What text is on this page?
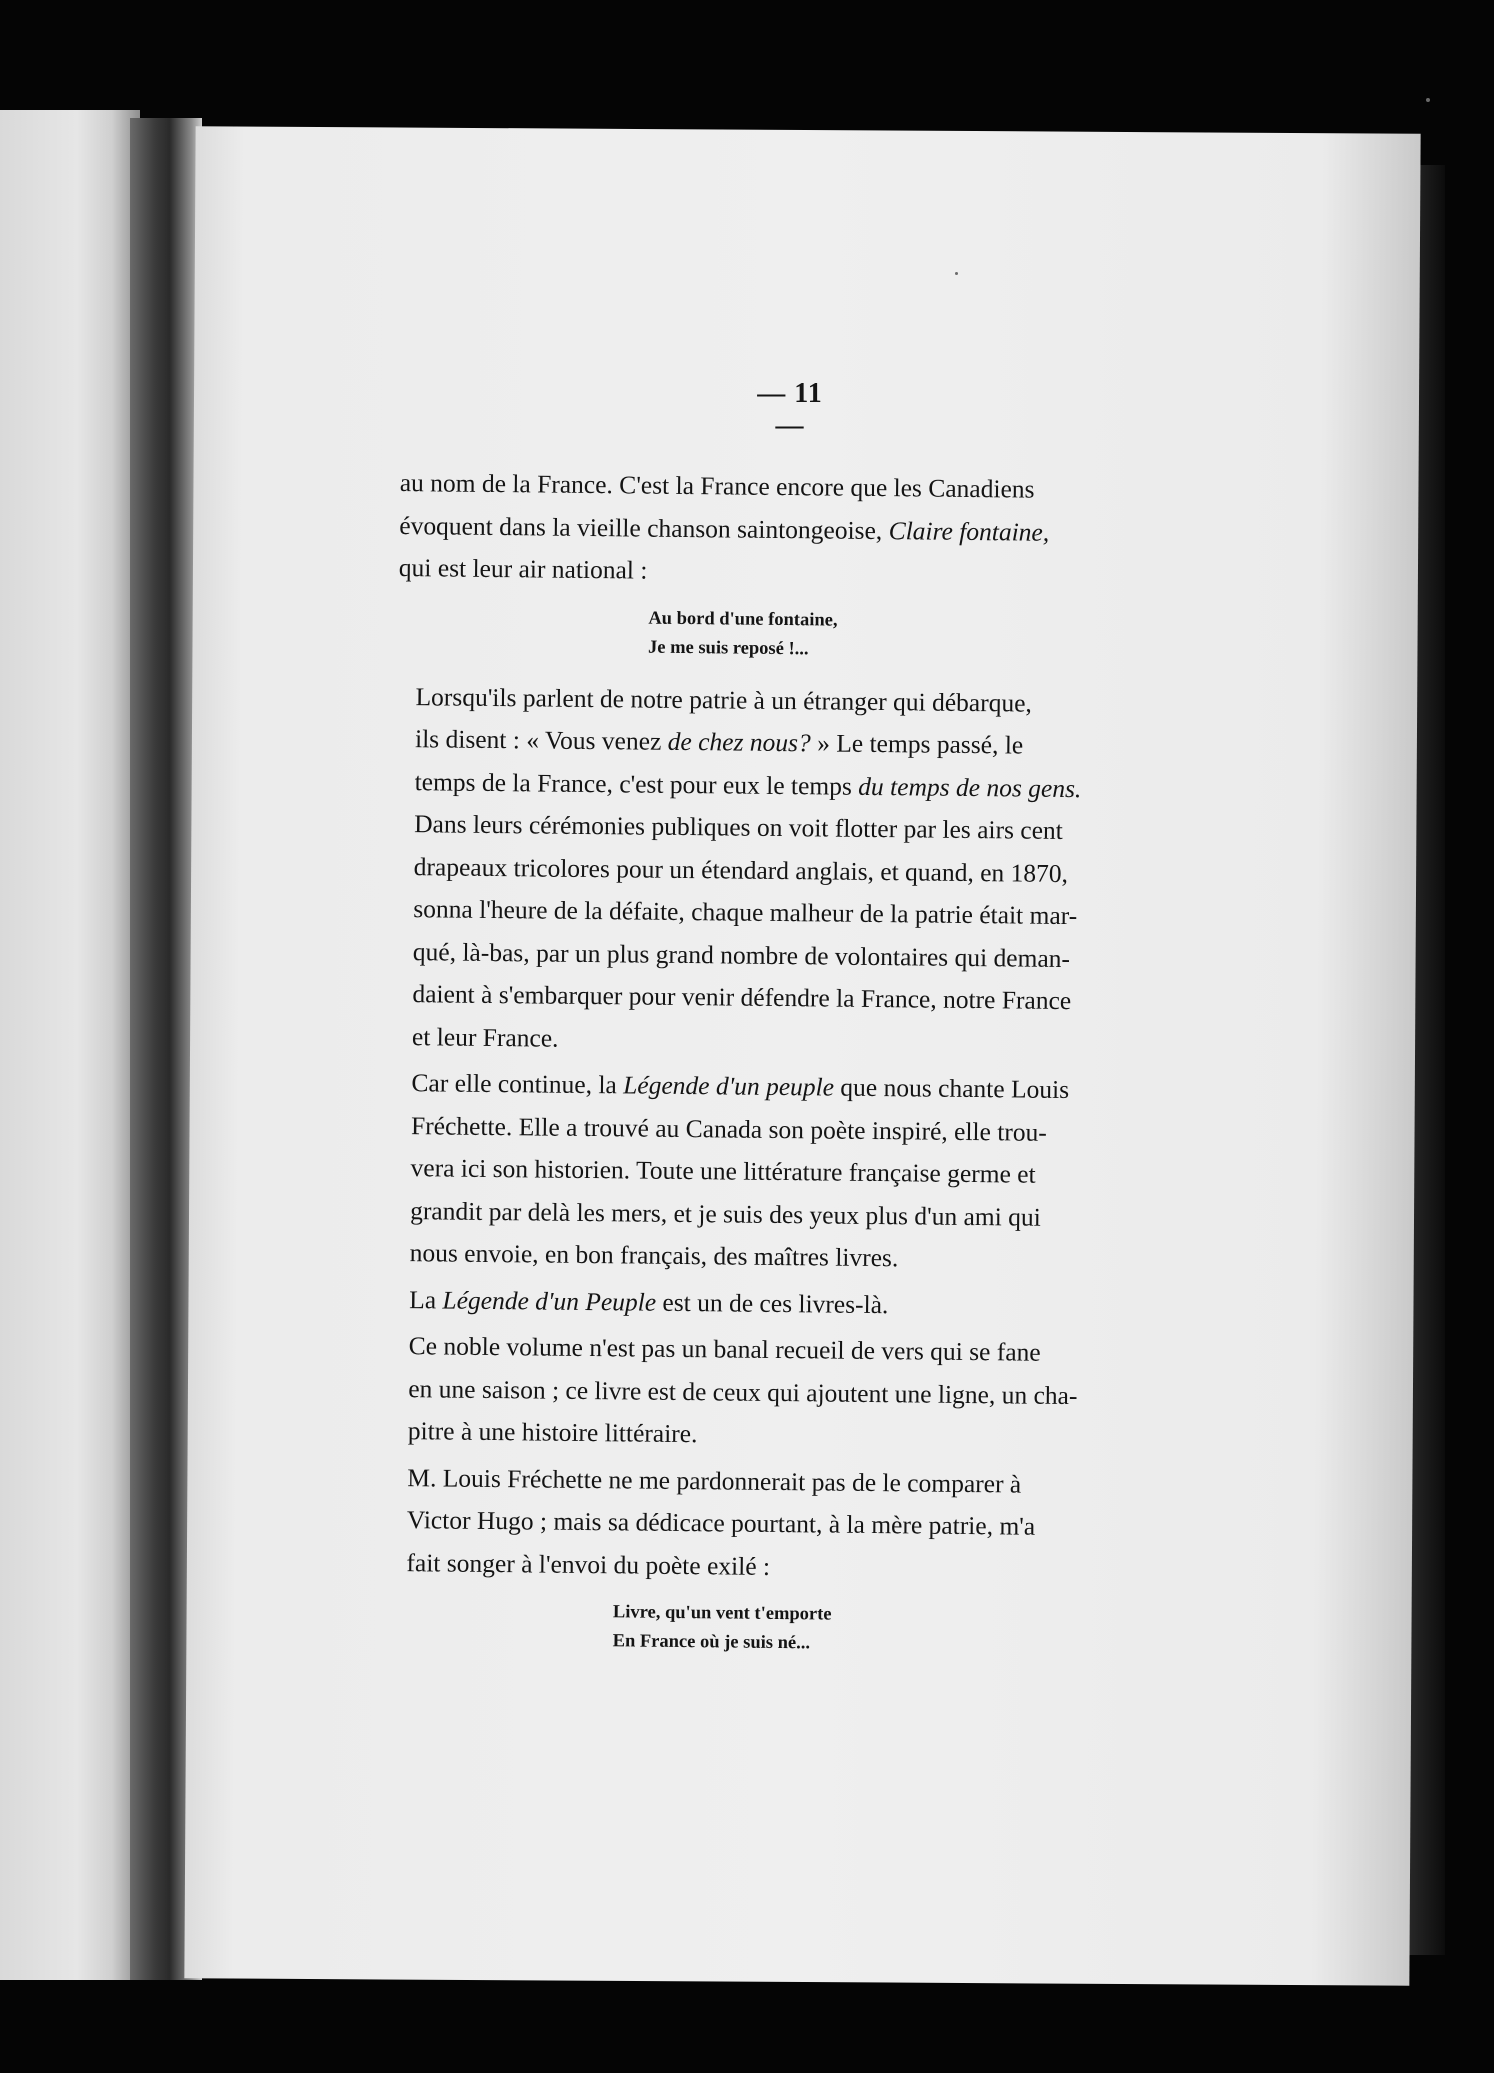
— 11 —

au nom de la France. C'est la France encore que les Canadiens
évoquent dans la vieille chanson saintongeoise, Claire fontaine,
qui est leur air national :

Au bord d'une fontaine,
Je me suis reposé !...

Lorsqu'ils parlent de notre patrie à un étranger qui débarque,
ils disent : « Vous venez de chez nous? » Le temps passé, le
temps de la France, c'est pour eux le temps du temps de nos gens.
Dans leurs cérémonies publiques on voit flotter par les airs cent
drapeaux tricolores pour un étendard anglais, et quand, en 1870,
sonna l'heure de la défaite, chaque malheur de la patrie était mar-
qué, là-bas, par un plus grand nombre de volontaires qui deman-
daient à s'embarquer pour venir défendre la France, notre France
et leur France.

Car elle continue, la Légende d'un peuple que nous chante Louis
Fréchette. Elle a trouvé au Canada son poète inspiré, elle trou-
vera ici son historien. Toute une littérature française germe et
grandit par delà les mers, et je suis des yeux plus d'un ami qui
nous envoie, en bon français, des maîtres livres.

La Légende d'un Peuple est un de ces livres-là.

Ce noble volume n'est pas un banal recueil de vers qui se fane
en une saison ; ce livre est de ceux qui ajoutent une ligne, un cha-
pitre à une histoire littéraire.

M. Louis Fréchette ne me pardonnerait pas de le comparer à
Victor Hugo ; mais sa dédicace pourtant, à la mère patrie, m'a
fait songer à l'envoi du poète exilé :

Livre, qu'un vent t'emporte
En France où je suis né...
